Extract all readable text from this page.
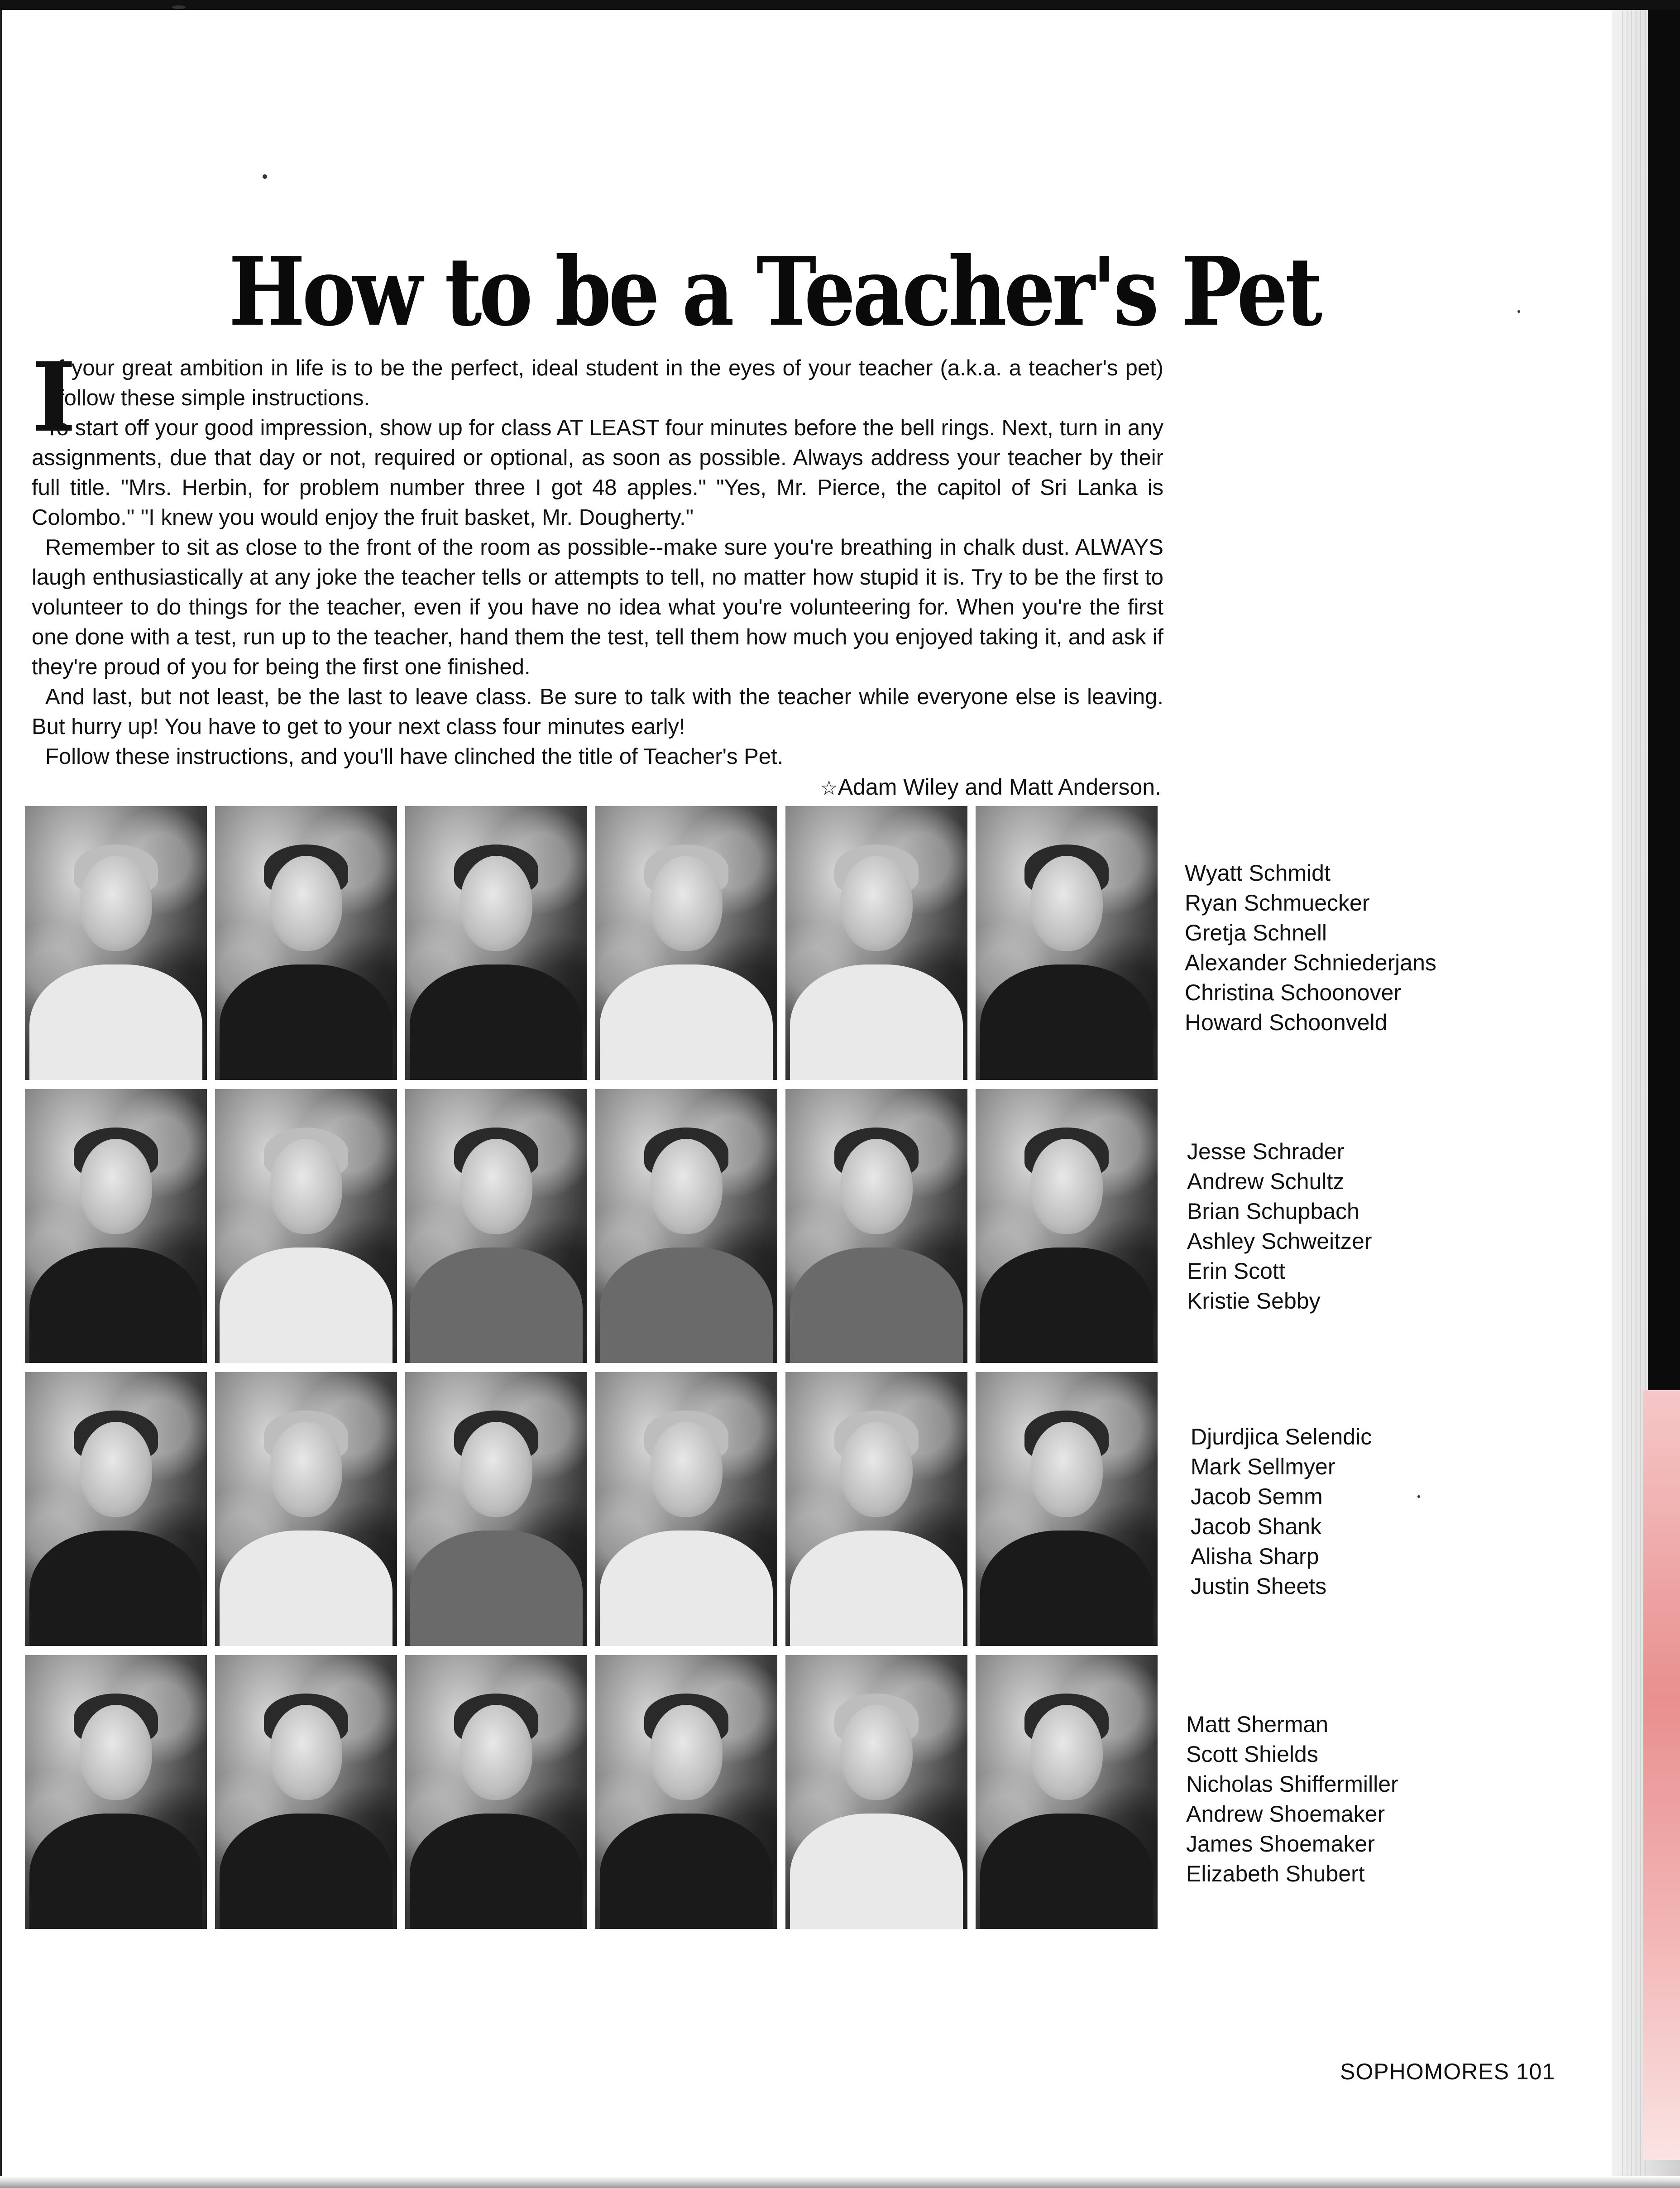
How to be a Teacher's Pet
I

f your great ambition in life is to be the perfect, ideal student in the eyes of your teacher (a.k.a. a teacher's pet) follow these simple instructions.

To start off your good impression, show up for class AT LEAST four minutes before the bell rings. Next, turn in any assignments, due that day or not, required or optional, as soon as possible. Always address your teacher by their full title. "Mrs. Herbin, for problem number three I got 48 apples." "Yes, Mr. Pierce, the capitol of Sri Lanka is Colombo." "I knew you would enjoy the fruit basket, Mr. Dougherty."

Remember to sit as close to the front of the room as possible--make sure you're breathing in chalk dust. ALWAYS laugh enthusiastically at any joke the teacher tells or attempts to tell, no matter how stupid it is. Try to be the first to volunteer to do things for the teacher, even if you have no idea what you're volunteering for. When you're the first one done with a test, run up to the teacher, hand them the test, tell them how much you enjoyed taking it, and ask if they're proud of you for being the first one finished.

And last, but not least, be the last to leave class. Be sure to talk with the teacher while everyone else is leaving. But hurry up! You have to get to your next class four minutes early!

Follow these instructions, and you'll have clinched the title of Teacher's Pet.

☆Adam Wiley and Matt Anderson.
Wyatt Schmidt
Ryan Schmuecker
Gretja Schnell
Alexander Schniederjans
Christina Schoonover
Howard Schoonveld
Jesse Schrader
Andrew Schultz
Brian Schupbach
Ashley Schweitzer
Erin Scott
Kristie Sebby
Djurdjica Selendic
Mark Sellmyer
Jacob Semm
Jacob Shank
Alisha Sharp
Justin Sheets
Matt Sherman
Scott Shields
Nicholas Shiffermiller
Andrew Shoemaker
James Shoemaker
Elizabeth Shubert
SOPHOMORES 101
